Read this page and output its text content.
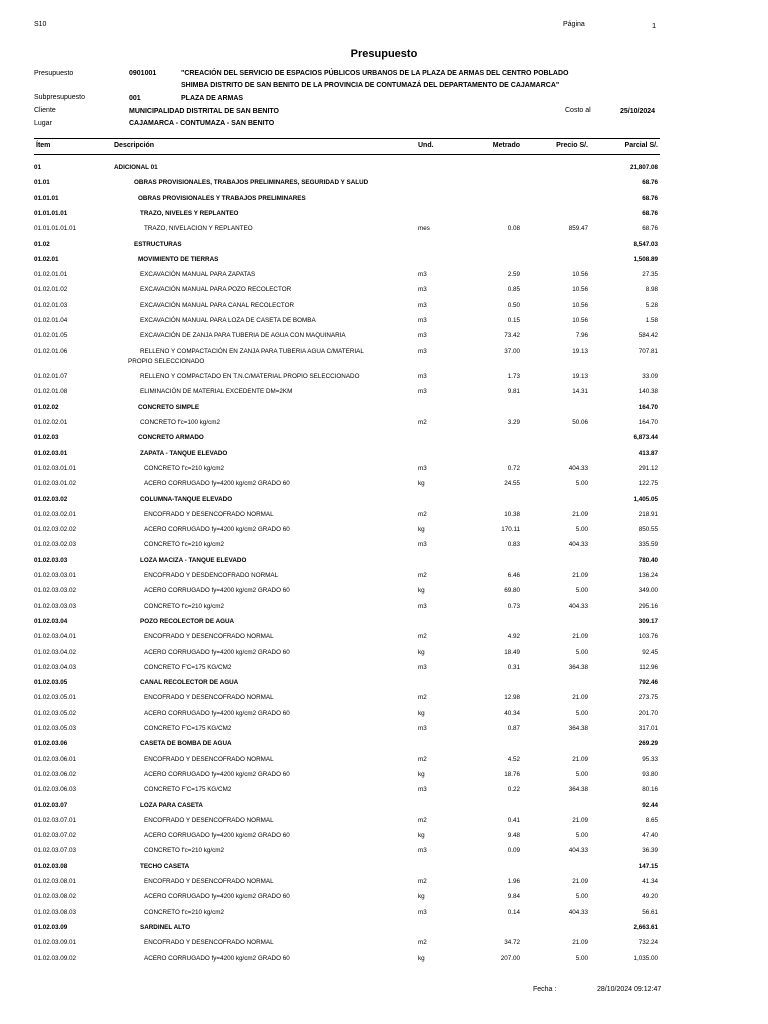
S10	Página	1
Presupuesto
Presupuesto	0901001	"CREACIÓN DEL SERVICIO DE ESPACIOS PÚBLICOS URBANOS DE LA PLAZA DE ARMAS DEL CENTRO POBLADO
SHIMBA DISTRITO DE SAN BENITO DE LA PROVINCIA DE CONTUMAZÁ DEL DEPARTAMENTO DE CAJAMARCA"
Subpresupuesto	001	PLAZA DE ARMAS
Cliente	MUNICIPALIDAD DISTRITAL DE SAN BENITO	Costo al	25/10/2024
Lugar	CAJAMARCA - CONTUMAZA - SAN BENITO
Ítem	Descripción	Und.	Metrado	Precio S/.	Parcial S/.
01	ADICIONAL 01	21,807.08
01.01	OBRAS PROVISIONALES, TRABAJOS PRELIMINARES, SEGURIDAD Y SALUD	68.76
01.01.01	OBRAS PROVISIONALES Y TRABAJOS PRELIMINARES	68.76
01.01.01.01	TRAZO, NIVELES Y REPLANTEO	68.76
01.01.01.01.01	TRAZO, NIVELACION Y REPLANTEO	mes	0.08	859.47	68.76
01.02	ESTRUCTURAS	8,547.03
01.02.01	MOVIMIENTO DE TIERRAS	1,508.89
01.02.01.01	EXCAVACIÓN MANUAL PARA ZAPATAS	m3	2.59	10.56	27.35
01.02.01.02	EXCAVACIÓN MANUAL PARA POZO RECOLECTOR	m3	0.85	10.56	8.98
01.02.01.03	EXCAVACIÓN MANUAL PARA CANAL RECOLECTOR	m3	0.50	10.56	5.28
01.02.01.04	EXCAVACIÓN MANUAL PARA LOZA DE CASETA DE BOMBA	m3	0.15	10.56	1.58
01.02.01.05	EXCAVACIÓN DE ZANJA PARA TUBERIA DE AGUA CON MAQUINARIA	m3	73.42	7.96	584.42
01.02.01.06	RELLENO Y COMPACTACIÓN EN ZANJA PARA TUBERIA AGUA C/MATERIAL	m3	37.00	19.13	707.81
PROPIO SELECCIONADO
01.02.01.07	RELLENO Y COMPACTADO EN T.N.C/MATERIAL PROPIO SELECCIONADO	m3	1.73	19.13	33.09
01.02.01.08	ELIMINACIÓN DE MATERIAL EXCEDENTE DM=2KM	m3	9.81	14.31	140.38
01.02.02	CONCRETO SIMPLE	164.70
01.02.02.01	CONCRETO f'c=100 kg/cm2	m2	3.29	50.06	164.70
01.02.03	CONCRETO ARMADO	6,873.44
01.02.03.01	ZAPATA - TANQUE ELEVADO	413.87
01.02.03.01.01	CONCRETO f'c=210 kg/cm2	m3	0.72	404.33	291.12
01.02.03.01.02	ACERO CORRUGADO fy=4200 kg/cm2 GRADO 60	kg	24.55	5.00	122.75
01.02.03.02	COLUMNA-TANQUE ELEVADO	1,405.05
01.02.03.02.01	ENCOFRADO Y DESENCOFRADO NORMAL	m2	10.38	21.09	218.91
01.02.03.02.02	ACERO CORRUGADO fy=4200 kg/cm2 GRADO 60	kg	170.11	5.00	850.55
01.02.03.02.03	CONCRETO f'c=210 kg/cm2	m3	0.83	404.33	335.59
01.02.03.03	LOZA MACIZA - TANQUE ELEVADO	780.40
01.02.03.03.01	ENCOFRADO Y DESDENCOFRADO NORMAL	m2	6.46	21.09	136.24
01.02.03.03.02	ACERO CORRUGADO fy=4200 kg/cm2 GRADO 60	kg	69.80	5.00	349.00
01.02.03.03.03	CONCRETO f'c=210 kg/cm2	m3	0.73	404.33	295.16
01.02.03.04	POZO RECOLECTOR DE AGUA	309.17
01.02.03.04.01	ENCOFRADO Y DESENCOFRADO NORMAL	m2	4.92	21.09	103.76
01.02.03.04.02	ACERO CORRUGADO fy=4200 kg/cm2 GRADO 60	kg	18.49	5.00	92.45
01.02.03.04.03	CONCRETO F'C=175 KG/CM2	m3	0.31	364.38	112.96
01.02.03.05	CANAL RECOLECTOR DE AGUA	792.46
01.02.03.05.01	ENCOFRADO Y DESENCOFRADO NORMAL	m2	12.98	21.09	273.75
01.02.03.05.02	ACERO CORRUGADO fy=4200 kg/cm2 GRADO 60	kg	40.34	5.00	201.70
01.02.03.05.03	CONCRETO F'C=175 KG/CM2	m3	0.87	364.38	317.01
01.02.03.06	CASETA DE BOMBA DE AGUA	269.29
01.02.03.06.01	ENCOFRADO Y DESENCOFRADO NORMAL	m2	4.52	21.09	95.33
01.02.03.06.02	ACERO CORRUGADO fy=4200 kg/cm2 GRADO 60	kg	18.76	5.00	93.80
01.02.03.06.03	CONCRETO F'C=175 KG/CM2	m3	0.22	364.38	80.16
01.02.03.07	LOZA PARA CASETA	92.44
01.02.03.07.01	ENCOFRADO Y DESENCOFRADO NORMAL	m2	0.41	21.09	8.65
01.02.03.07.02	ACERO CORRUGADO fy=4200 kg/cm2 GRADO 60	kg	9.48	5.00	47.40
01.02.03.07.03	CONCRETO f'c=210 kg/cm2	m3	0.09	404.33	36.39
01.02.03.08	TECHO CASETA	147.15
01.02.03.08.01	ENCOFRADO Y DESENCOFRADO NORMAL	m2	1.96	21.09	41.34
01.02.03.08.02	ACERO CORRUGADO fy=4200 kg/cm2 GRADO 60	kg	9.84	5.00	49.20
01.02.03.08.03	CONCRETO f'c=210 kg/cm2	m3	0.14	404.33	56.61
01.02.03.09	SARDINEL ALTO	2,663.61
01.02.03.09.01	ENCOFRADO Y DESENCOFRADO NORMAL	m2	34.72	21.09	732.24
01.02.03.09.02	ACERO CORRUGADO fy=4200 kg/cm2 GRADO 60	kg	207.00	5.00	1,035.00
Fecha :	28/10/2024 09:12:47
